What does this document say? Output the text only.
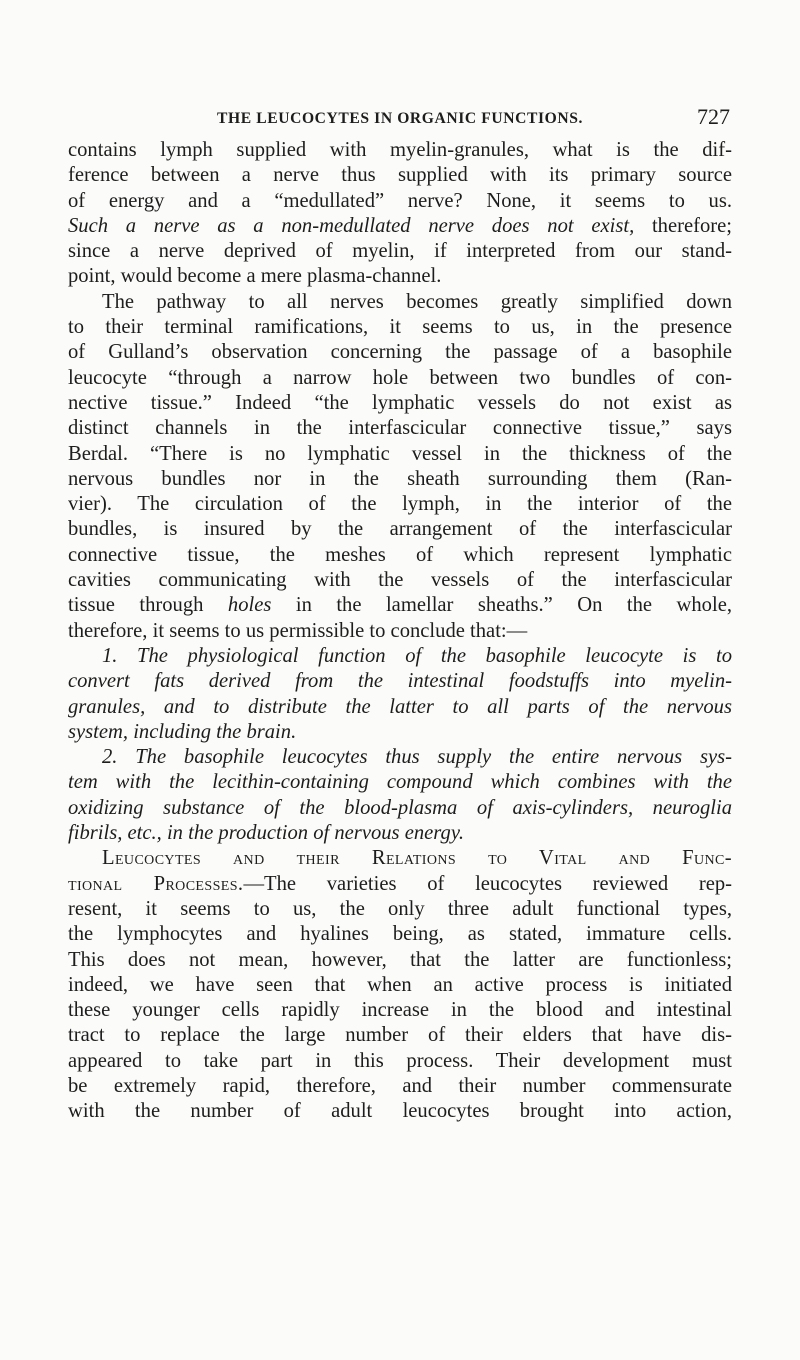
THE LEUCOCYTES IN ORGANIC FUNCTIONS.	727
contains lymph supplied with myelin-granules, what is the dif-
ference between a nerve thus supplied with its primary source
of energy and a “medullated” nerve? None, it seems to us.
Such a nerve as a non-medullated nerve does not exist, therefore;
since a nerve deprived of myelin, if interpreted from our stand-
point, would become a mere plasma-channel.
The pathway to all nerves becomes greatly simplified down
to their terminal ramifications, it seems to us, in the presence
of Gulland’s observation concerning the passage of a basophile
leucocyte “through a narrow hole between two bundles of con-
nective tissue.” Indeed “the lymphatic vessels do not exist as
distinct channels in the interfascicular connective tissue,” says
Berdal. “There is no lymphatic vessel in the thickness of the
nervous bundles nor in the sheath surrounding them (Ran-
vier). The circulation of the lymph, in the interior of the
bundles, is insured by the arrangement of the interfascicular
connective tissue, the meshes of which represent lymphatic
cavities communicating with the vessels of the interfascicular
tissue through holes in the lamellar sheaths.” On the whole,
therefore, it seems to us permissible to conclude that:—
1. The physiological function of the basophile leucocyte is to
convert fats derived from the intestinal foodstuffs into myelin-
granules, and to distribute the latter to all parts of the nervous
system, including the brain.
2. The basophile leucocytes thus supply the entire nervous sys-
tem with the lecithin-containing compound which combines with the
oxidizing substance of the blood-plasma of axis-cylinders, neuroglia
fibrils, etc., in the production of nervous energy.
Leucocytes and their Relations to Vital and Func-
tional Processes.—The varieties of leucocytes reviewed rep-
resent, it seems to us, the only three adult functional types,
the lymphocytes and hyalines being, as stated, immature cells.
This does not mean, however, that the latter are functionless;
indeed, we have seen that when an active process is initiated
these younger cells rapidly increase in the blood and intestinal
tract to replace the large number of their elders that have dis-
appeared to take part in this process. Their development must
be extremely rapid, therefore, and their number commensurate
with the number of adult leucocytes brought into action,
